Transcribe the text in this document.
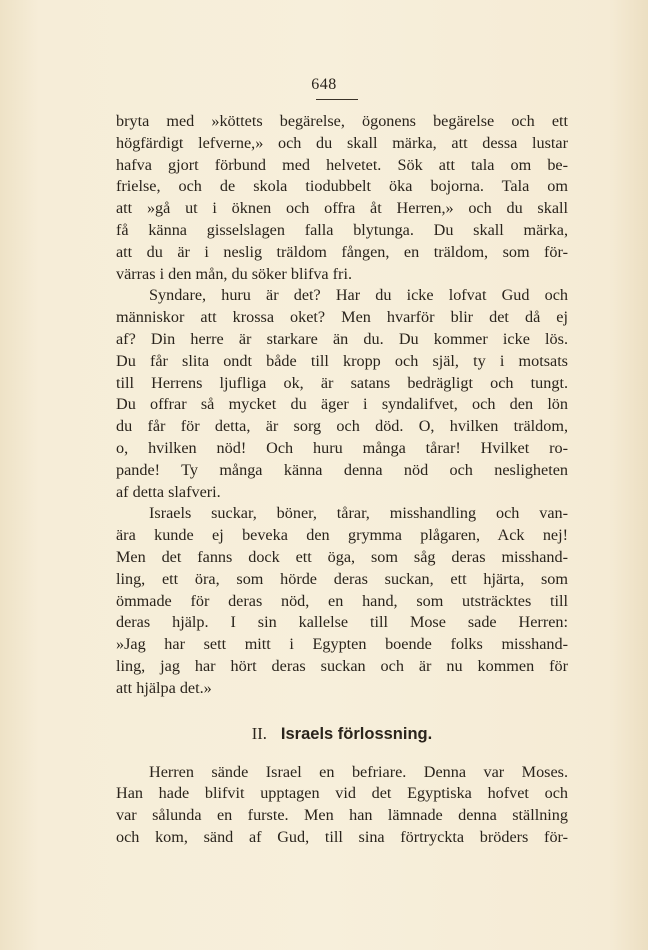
648
bryta med »köttets begärelse, ögonens begärelse och ett
högfärdigt lefverne,» och du skall märka, att dessa lustar
hafva gjort förbund med helvetet. Sök att tala om be-
frielse, och de skola tiodubbelt öka bojorna. Tala om
att »gå ut i öknen och offra åt Herren,» och du skall
få känna gisselslagen falla blytunga. Du skall märka,
att du är i neslig träldom fången, en träldom, som för-
värras i den mån, du söker blifva fri.
Syndare, huru är det? Har du icke lofvat Gud och
människor att krossa oket? Men hvarför blir det då ej
af? Din herre är starkare än du. Du kommer icke lös.
Du får slita ondt både till kropp och själ, ty i motsats
till Herrens ljufliga ok, är satans bedrägligt och tungt.
Du offrar så mycket du äger i syndalifvet, och den lön
du får för detta, är sorg och död. O, hvilken träldom,
o, hvilken nöd! Och huru många tårar! Hvilket ro-
pande! Ty många känna denna nöd och nesligheten
af detta slafveri.
Israels suckar, böner, tårar, misshandling och van-
ära kunde ej beveka den grymma plågaren, Ack nej!
Men det fanns dock ett öga, som såg deras misshand-
ling, ett öra, som hörde deras suckan, ett hjärta, som
ömmade för deras nöd, en hand, som utsträcktes till
deras hjälp. I sin kallelse till Mose sade Herren:
»Jag har sett mitt i Egypten boende folks misshand-
ling, jag har hört deras suckan och är nu kommen för
att hjälpa det.»
II. Israels förlossning.
Herren sände Israel en befriare. Denna var Moses.
Han hade blifvit upptagen vid det Egyptiska hofvet och
var sålunda en furste. Men han lämnade denna ställning
och kom, sänd af Gud, till sina förtryckta bröders för-
